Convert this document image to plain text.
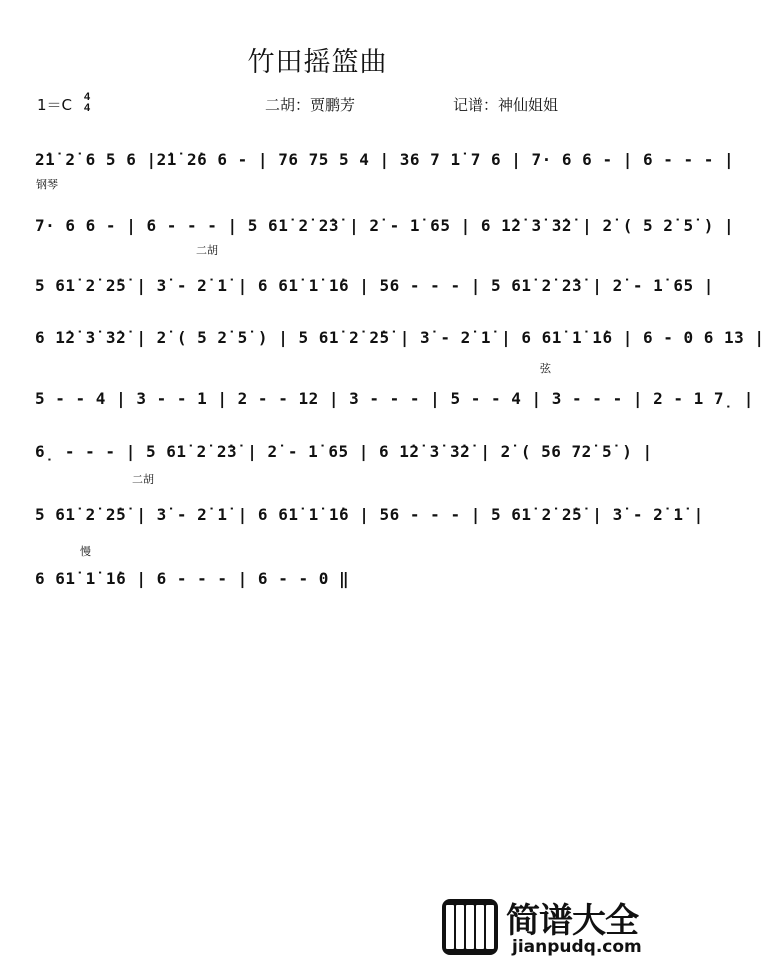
竹田摇篮曲
1＝C 4
4	二胡：贾鹏芳	记谱：神仙姐姐
2̇1̇ 2̇ 6 5 6 |2̇1̇ 2̇6 6 - | 76 75 5 4 | 36 7 1̇ 7 6 | 7· 6 6 - | 6 - - - |
钢琴
7· 6 6 - | 6 - - - | 5 61̇ 2̇ 2̇3̇ | 2̇ - 1̇ 65 | 6 1̇2̇ 3̇ 3̇2̇ | 2̇ ( 5 2̇ 5̇ ) |
二胡
5 61̇ 2̇ 2̇5̇ | 3̇ - 2̇ 1̇ | 6 61̇ 1̇ 1̇6 | 56 - - - | 5 61̇ 2̇ 2̇3̇ | 2̇ - 1̇ 65 |
6 1̇2̇ 3̇ 3̇2̇ | 2̇ ( 5 2̇ 5̇ ) | 5 61̇ 2̇ 2̇5̇ | 3̇ - 2̇ 1̇ | 6 61̇ 1̇ 1̇6 | 6 - 0 6 13 |
弦
5 - - 4 | 3 - - 1 | 2 - - 12 | 3 - - - | 5 - - 4 | 3 - - - | 2 - 1 7̣ |
6̣ - - - | 5 61̇ 2̇ 2̇3̇ | 2̇ - 1̇ 65 | 6 1̇2̇ 3̇ 3̇2̇ | 2̇ ( 56 72̇ 5̇ ) |
二胡
5 61̇ 2̇ 2̇5̇ | 3̇ - 2̇ 1̇ | 6 61̇ 1̇ 1̇6 | 56 - - - | 5 61̇ 2̇ 2̇5̇ | 3̇ - 2̇ 1̇ |
慢
6 61̇ 1̇ 1̇6 | 6 - - - | 6 - - 0 ‖
简谱大全
jianpudq.com
